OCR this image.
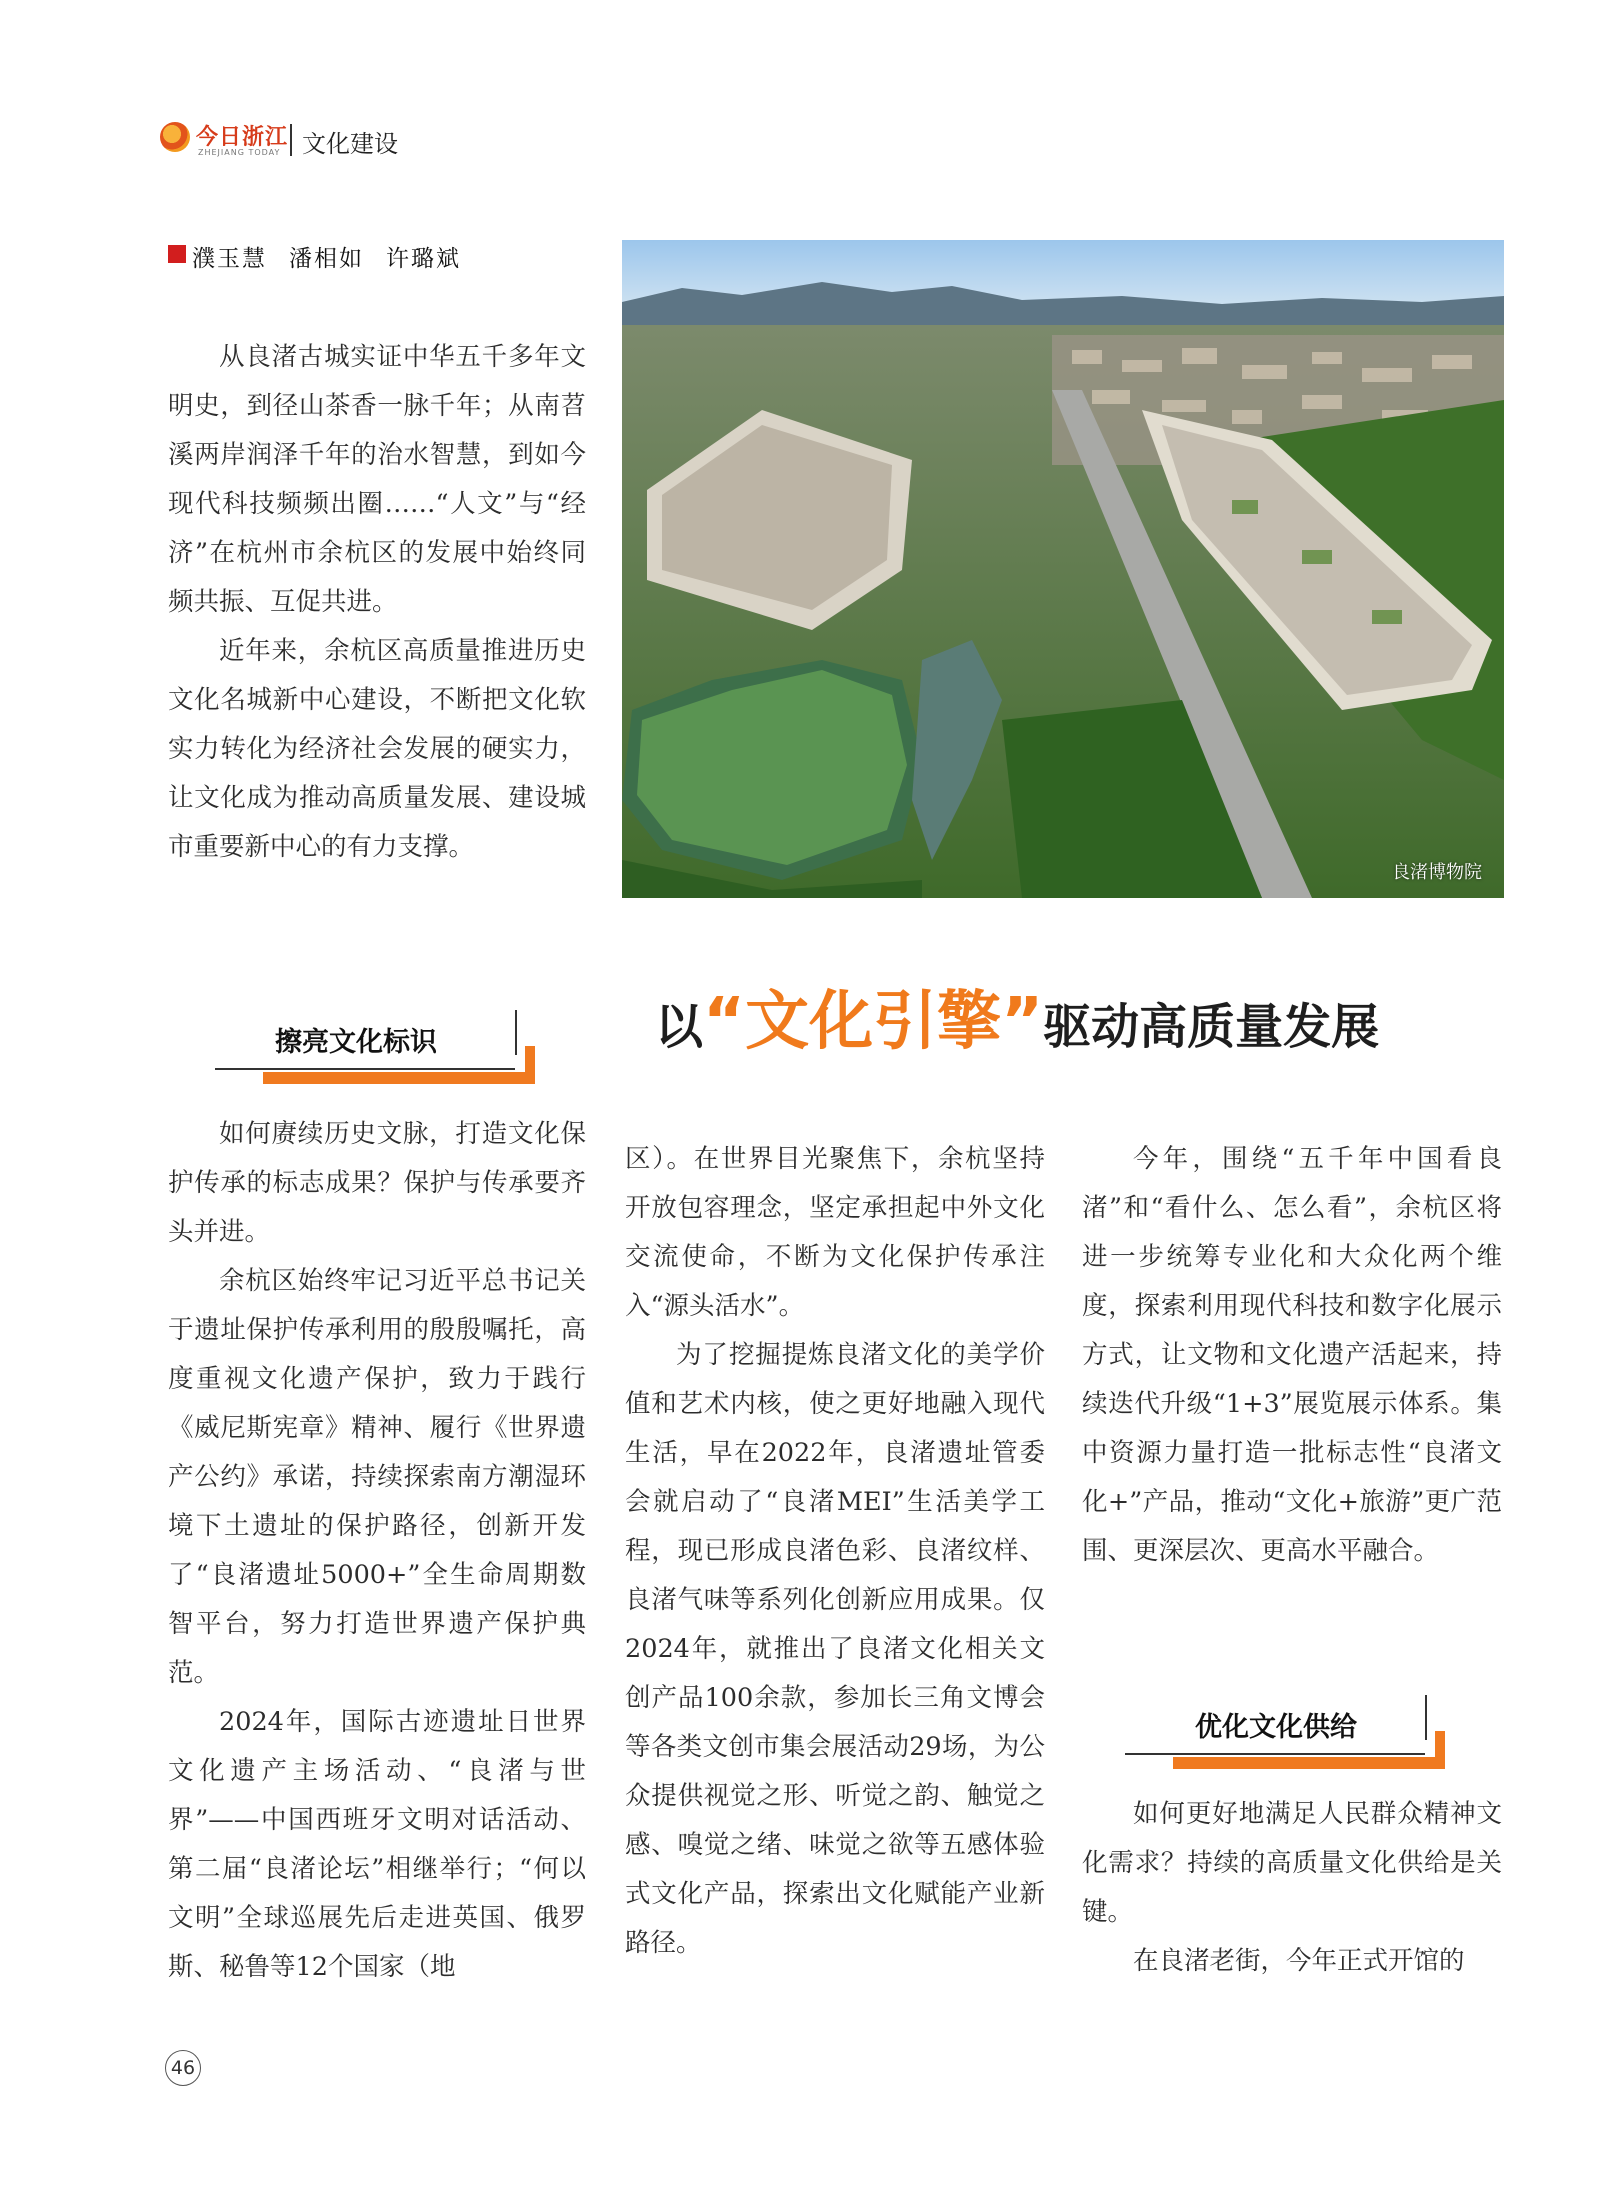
今日浙江
ZHEJIANG TODAY 文化建设
濮玉慧 潘相如 许璐斌
良渚博物院

从良渚古城实证中华五千多年文明史，到径山茶香一脉千年；从南苕溪两岸润泽千年的治水智慧，到如今现代科技频频出圈……“人文”与“经济”在杭州市余杭区的发展中始终同频共振、互促共进。

近年来，余杭区高质量推进历史文化名城新中心建设，不断把文化软实力转化为经济社会发展的硬实力，让文化成为推动高质量发展、建设城市重要新中心的有力支撑。

擦亮文化标识

如何赓续历史文脉，打造文化保护传承的标志成果？保护与传承要齐头并进。

余杭区始终牢记习近平总书记关于遗址保护传承利用的殷殷嘱托，高度重视文化遗产保护，致力于践行《威尼斯宪章》精神、履行《世界遗产公约》承诺，持续探索南方潮湿环境下土遗址的保护路径，创新开发了“良渚遗址5000+”全生命周期数智平台，努力打造世界遗产保护典范。

2024年，国际古迹遗址日世界文化遗产主场活动、“良渚与世界”——中国西班牙文明对话活动、第二届“良渚论坛”相继举行；“何以文明”全球巡展先后走进英国、俄罗斯、秘鲁等12个国家（地

以“文化引擎”驱动高质量发展

区）。在世界目光聚焦下，余杭坚持开放包容理念，坚定承担起中外文化交流使命，不断为文化保护传承注入“源头活水”。

为了挖掘提炼良渚文化的美学价值和艺术内核，使之更好地融入现代生活，早在2022年，良渚遗址管委会就启动了“良渚MEI”生活美学工程，现已形成良渚色彩、良渚纹样、良渚气味等系列化创新应用成果。仅2024年，就推出了良渚文化相关文创产品100余款，参加长三角文博会等各类文创市集会展活动29场，为公众提供视觉之形、听觉之韵、触觉之感、嗅觉之绪、味觉之欲等五感体验式文化产品，探索出文化赋能产业新路径。

今年，围绕“五千年中国看良渚”和“看什么、怎么看”，余杭区将进一步统筹专业化和大众化两个维度，探索利用现代科技和数字化展示方式，让文物和文化遗产活起来，持续迭代升级“1+3”展览展示体系。集中资源力量打造一批标志性“良渚文化+”产品，推动“文化+旅游”更广范围、更深层次、更高水平融合。

优化文化供给

如何更好地满足人民群众精神文化需求？持续的高质量文化供给是关键。

在良渚老街，今年正式开馆的

46
